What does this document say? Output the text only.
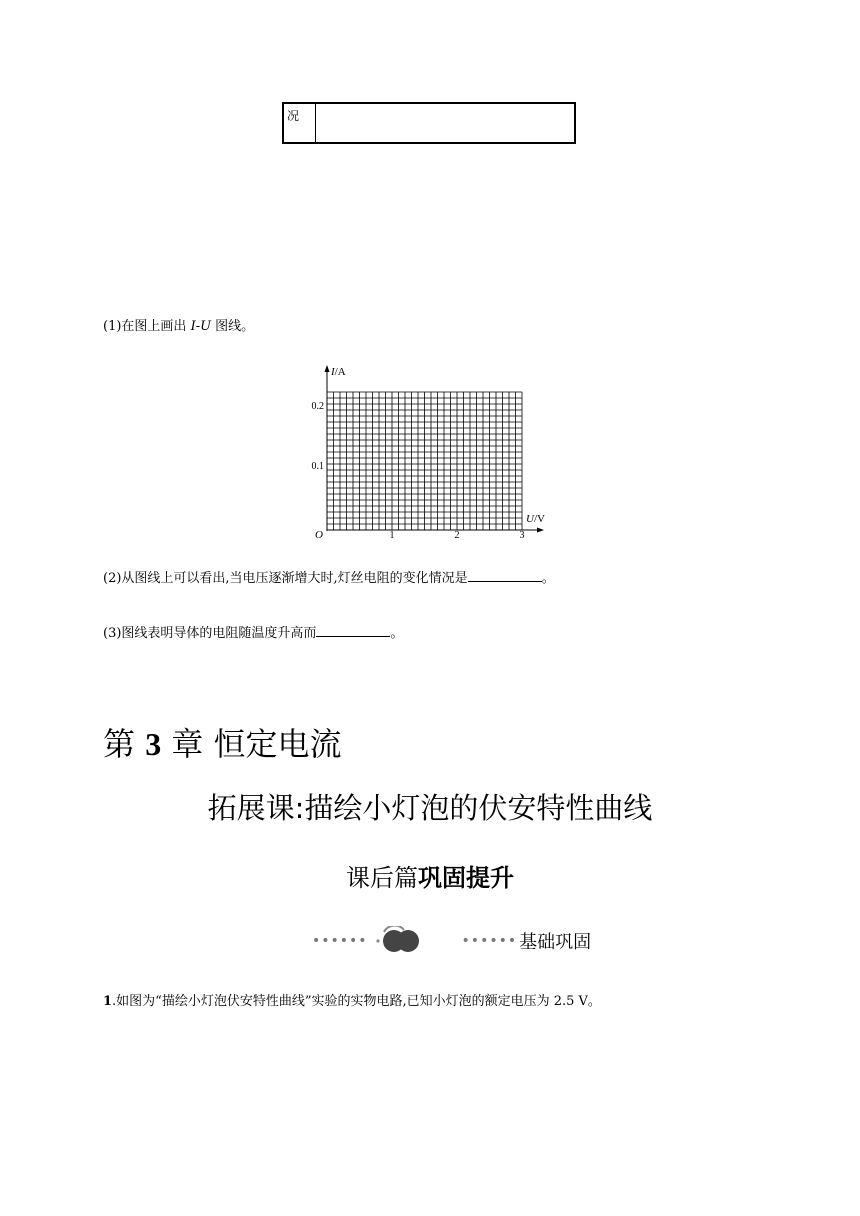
况
(1)在图上画出 I-U 图线。
I/A
U/V
O	1	2	3
0.1
0.2
(2)从图线上可以看出,当电压逐渐增大时,灯丝电阻的变化情况是	。
(3)图线表明导体的电阻随温度升高而	。
第 3 章 恒定电流
拓展课:描绘小灯泡的伏安特性曲线
课后篇巩固提升
••••••	•••••• 基础巩固
1.如图为“描绘小灯泡伏安特性曲线”实验的实物电路,已知小灯泡的额定电压为 2.5 V。
